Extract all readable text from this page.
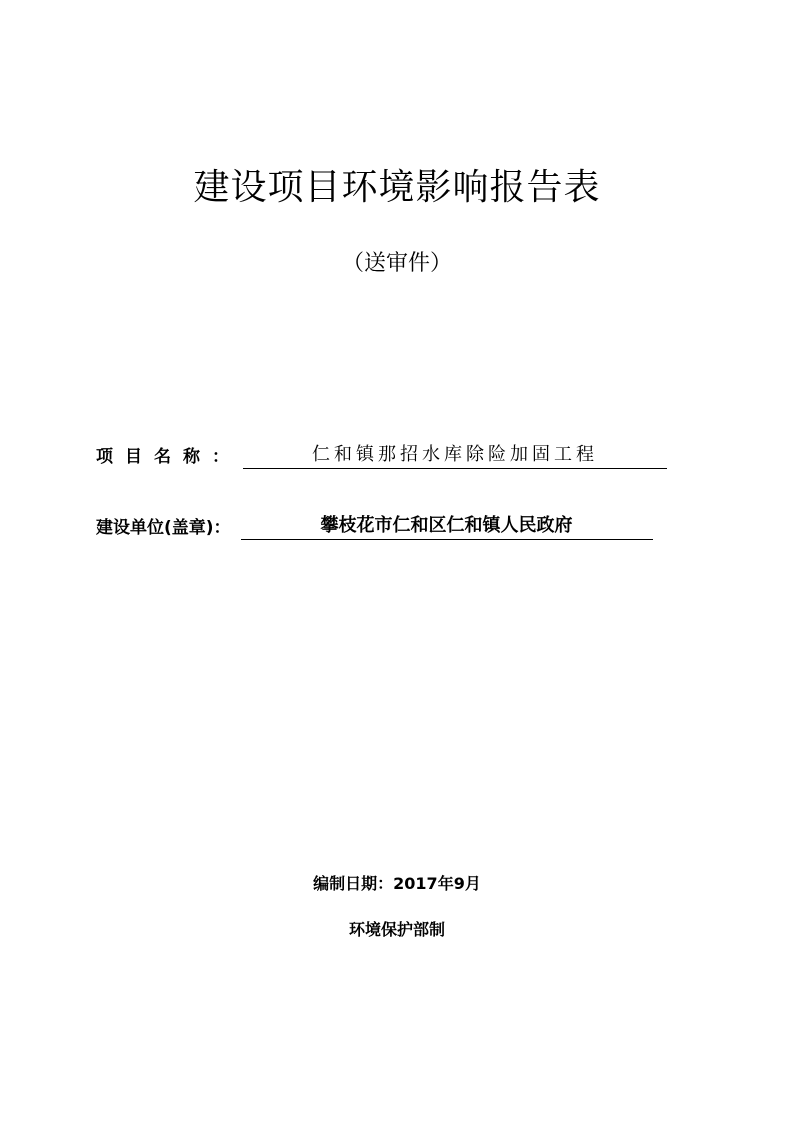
建设项目环境影响报告表
（送审件）
项目名称：	仁和镇那招水库除险加固工程
建设单位(盖章)：	攀枝花市仁和区仁和镇人民政府
编制日期：2017年9月
环境保护部制
